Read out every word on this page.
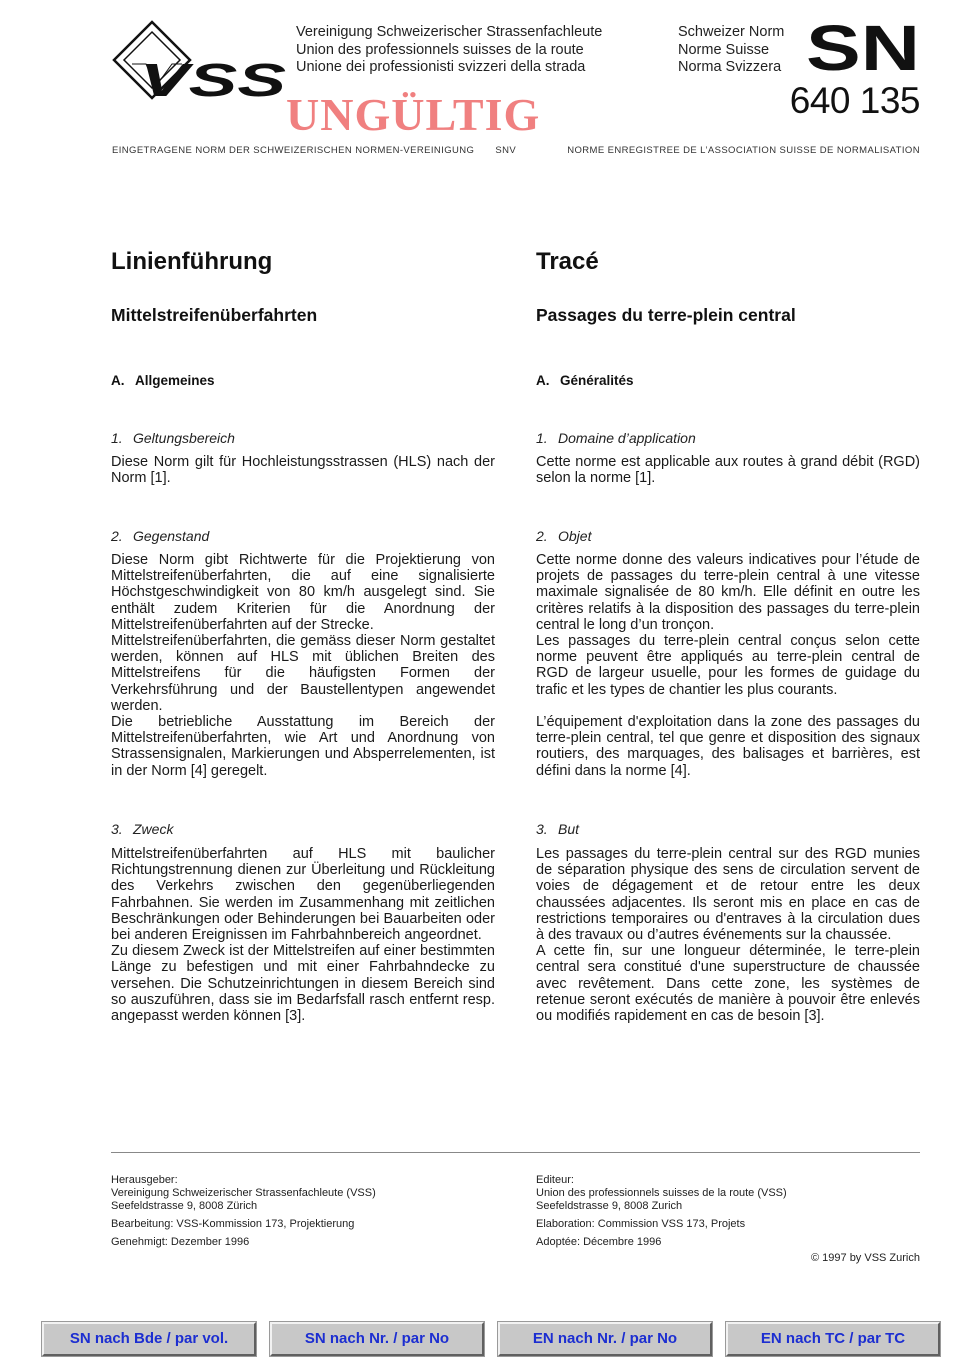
VSS
Vereinigung Schweizerischer Strassenfachleute
Union des professionnels suisses de la route
Unione dei professionisti svizzeri della strada
Schweizer Norm
Norme Suisse
Norma Svizzera SN
640 135
UNGÜLTIG
EINGETRAGENE NORM DER SCHWEIZERISCHEN NORMEN-VEREINIGUNG SNV	NORME ENREGISTREE DE L’ASSOCIATION SUISSE DE NORMALISATION
Linienführung
Mittelstreifenüberfahrten
A. Allgemeines
1. Geltungsbereich

Diese Norm gilt für Hochleistungsstrassen (HLS) nach der Norm [1].

2. Gegenstand

Diese Norm gibt Richtwerte für die Projektierung von Mittelstreifenüberfahrten, die auf eine signalisierte Höchstgeschwindigkeit von 80 km/h ausgelegt sind. Sie enthält zudem Kriterien für die Anordnung der Mittelstreifenüberfahrten auf der Strecke.

Mittelstreifenüberfahrten, die gemäss dieser Norm gestaltet werden, können auf HLS mit üblichen Breiten des Mittelstreifens für die häufigsten Formen der Verkehrsführung und der Baustellentypen angewendet werden.

Die betriebliche Ausstattung im Bereich der Mittelstreifenüberfahrten, wie Art und Anordnung von Strassensignalen, Markierungen und Absperrelementen, ist in der Norm [4] geregelt.

3. Zweck

Mittelstreifenüberfahrten auf HLS mit baulicher Richtungstrennung dienen zur Überleitung und Rückleitung des Verkehrs zwischen den gegenüberliegenden Fahrbahnen. Sie werden im Zusammenhang mit zeitlichen Beschränkungen oder Behinderungen bei Bauarbeiten oder bei anderen Ereignissen im Fahrbahnbereich angeordnet.

Zu diesem Zweck ist der Mittelstreifen auf einer bestimmten Länge zu befestigen und mit einer Fahrbahndecke zu versehen. Die Schutzeinrichtungen in diesem Bereich sind so auszuführen, dass sie im Bedarfsfall rasch entfernt resp. angepasst werden können [3].

Tracé
Passages du terre-plein central
A. Généralités
1. Domaine d’application

Cette norme est applicable aux routes à grand débit (RGD) selon la norme [1].

2. Objet

Cette norme donne des valeurs indicatives pour l’étude de projets de passages du terre-plein central à une vitesse maximale signalisée de 80 km/h. Elle définit en outre les critères relatifs à la disposition des passages du terre-plein central le long d’un tronçon.

Les passages du terre-plein central conçus selon cette norme peuvent être appliqués au terre-plein central de RGD de largeur usuelle, pour les formes de guidage du trafic et les types de chantier les plus courants.

L’équipement d'exploitation dans la zone des passages du terre-plein central, tel que genre et disposition des signaux routiers, des marquages, des balisages et barrières, est défini dans la norme [4].

3. But

Les passages du terre-plein central sur des RGD munies de séparation physique des sens de circulation servent de voies de dégagement et de retour entre les deux chaussées adjacentes. Ils seront mis en place en cas de restrictions temporaires ou d'entraves à la circulation dues à des travaux ou d’autres événements sur la chaussée.

A cette fin, sur une longueur déterminée, le terre-plein central sera constitué d'une superstructure de chaussée avec revêtement. Dans cette zone, les systèmes de retenue seront exécutés de manière à pouvoir être enlevés ou modifiés rapidement en cas de besoin [3].

Herausgeber:
Vereinigung Schweizerischer Strassenfachleute (VSS)
Seefeldstrasse 9, 8008 Zürich
Bearbeitung: VSS-Kommission 173, Projektierung
Genehmigt: Dezember 1996
Editeur:
Union des professionnels suisses de la route (VSS)
Seefeldstrasse 9, 8008 Zurich
Elaboration: Commission VSS 173, Projets
Adoptée: Décembre 1996
© 1997 by VSS Zurich
SN nach Bde / par vol.	SN nach Nr. / par No	EN nach Nr. / par No	EN nach TC / par TC
